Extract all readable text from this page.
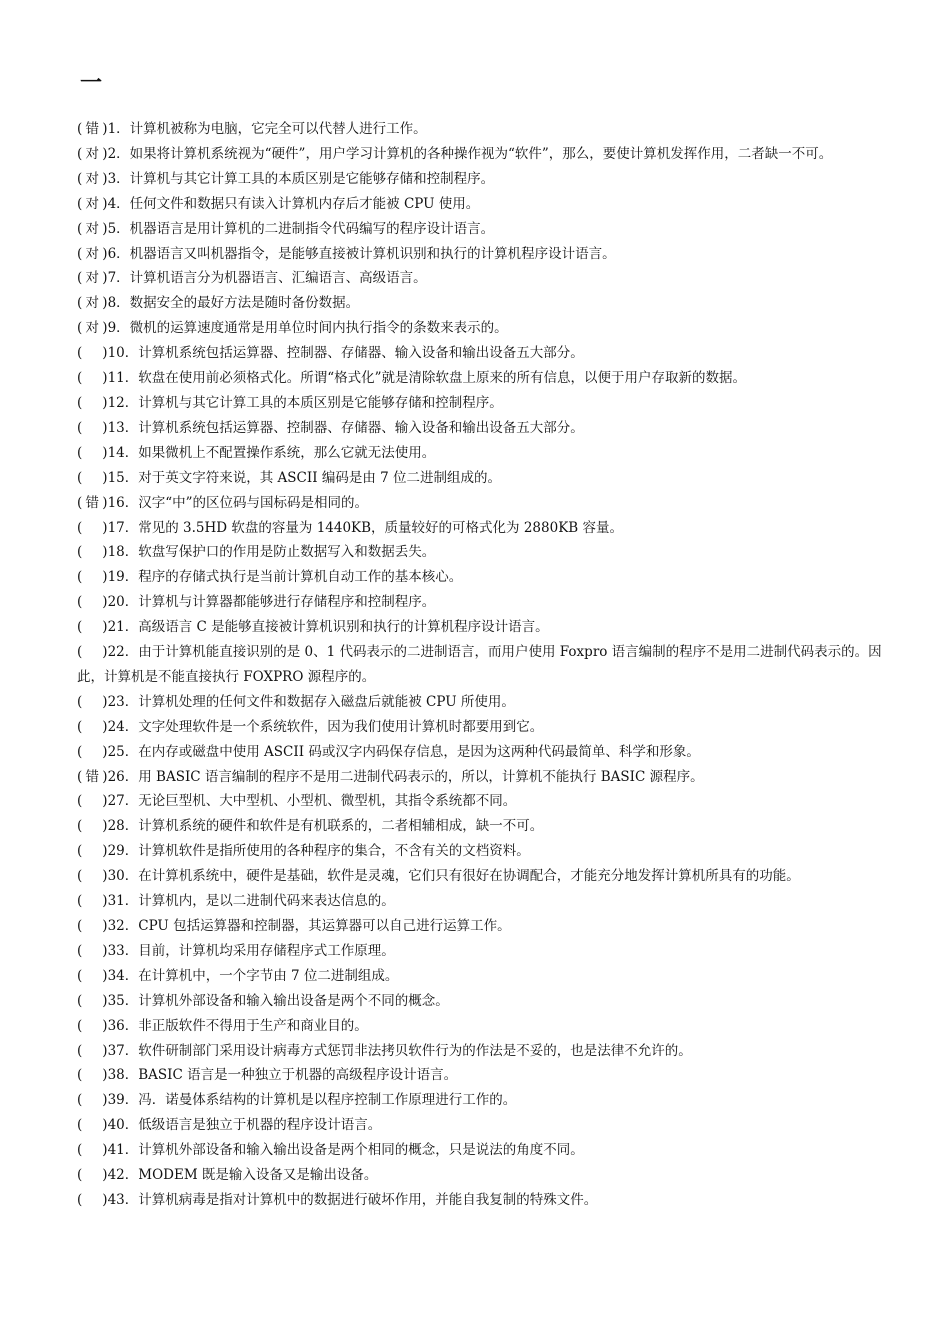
一
( 错 )1．计算机被称为电脑，它完全可以代替人进行工作。
( 对 )2．如果将计算机系统视为“硬件”，用户学习计算机的各种操作视为“软件”，那么，要使计算机发挥作用，二者缺一不可。
( 对 )3．计算机与其它计算工具的本质区别是它能够存储和控制程序。
( 对 )4．任何文件和数据只有读入计算机内存后才能被 CPU 使用。
( 对 )5．机器语言是用计算机的二进制指令代码编写的程序设计语言。
( 对 )6．机器语言又叫机器指令，是能够直接被计算机识别和执行的计算机程序设计语言。
( 对 )7．计算机语言分为机器语言、汇编语言、高级语言。
( 对 )8．数据安全的最好方法是随时备份数据。
( 对 )9．微机的运算速度通常是用单位时间内执行指令的条数来表示的。
( )10．计算机系统包括运算器、控制器、存储器、输入设备和输出设备五大部分。
( )11．软盘在使用前必须格式化。所谓“格式化”就是清除软盘上原来的所有信息，以便于用户存取新的数据。
( )12．计算机与其它计算工具的本质区别是它能够存储和控制程序。
( )13．计算机系统包括运算器、控制器、存储器、输入设备和输出设备五大部分。
( )14．如果微机上不配置操作系统，那么它就无法使用。
( )15．对于英文字符来说，其 ASCII 编码是由 7 位二进制组成的。
( 错 )16．汉字“中”的区位码与国标码是相同的。
( )17．常见的 3.5HD 软盘的容量为 1440KB，质量较好的可格式化为 2880KB 容量。
( )18．软盘写保护口的作用是防止数据写入和数据丢失。
( )19．程序的存储式执行是当前计算机自动工作的基本核心。
( )20．计算机与计算器都能够进行存储程序和控制程序。
( )21．高级语言 C 是能够直接被计算机识别和执行的计算机程序设计语言。
( )22．由于计算机能直接识别的是 0、1 代码表示的二进制语言，而用户使用 Foxpro 语言编制的程序不是用二进制代码表示的。因此，计算机是不能直接执行 FOXPRO 源程序的。
( )23．计算机处理的任何文件和数据存入磁盘后就能被 CPU 所使用。
( )24．文字处理软件是一个系统软件，因为我们使用计算机时都要用到它。
( )25．在内存或磁盘中使用 ASCII 码或汉字内码保存信息，是因为这两种代码最简单、科学和形象。
( 错 )26．用 BASIC 语言编制的程序不是用二进制代码表示的，所以，计算机不能执行 BASIC 源程序。
( )27．无论巨型机、大中型机、小型机、微型机，其指令系统都不同。
( )28．计算机系统的硬件和软件是有机联系的，二者相辅相成，缺一不可。
( )29．计算机软件是指所使用的各种程序的集合，不含有关的文档资料。
( )30．在计算机系统中，硬件是基础，软件是灵魂，它们只有很好在协调配合，才能充分地发挥计算机所具有的功能。
( )31．计算机内，是以二进制代码来表达信息的。
( )32．CPU 包括运算器和控制器，其运算器可以自己进行运算工作。
( )33．目前，计算机均采用存储程序式工作原理。
( )34．在计算机中，一个字节由 7 位二进制组成。
( )35．计算机外部设备和输入输出设备是两个不同的概念。
( )36．非正版软件不得用于生产和商业目的。
( )37．软件研制部门采用设计病毒方式惩罚非法拷贝软件行为的作法是不妥的，也是法律不允许的。
( )38．BASIC 语言是一种独立于机器的高级程序设计语言。
( )39．冯．诺曼体系结构的计算机是以程序控制工作原理进行工作的。
( )40．低级语言是独立于机器的程序设计语言。
( )41．计算机外部设备和输入输出设备是两个相同的概念，只是说法的角度不同。
( )42．MODEM 既是输入设备又是输出设备。
( )43．计算机病毒是指对计算机中的数据进行破坏作用，并能自我复制的特殊文件。
